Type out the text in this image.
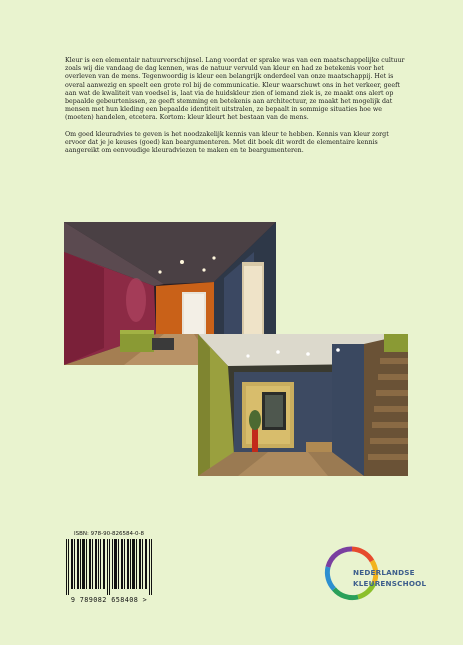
Kleur is een elementair natuurverschijnsel. Lang voordat er sprake was van een maatschappelijke cultuur zoals wij die vandaag de dag kennen, was de natuur vervuld van kleur en had ze betekenis voor het overleven van de mens. Tegenwoordig is kleur een belangrijk onderdeel van onze maatschappij. Het is overal aanwezig en speelt een grote rol bij de communicatie. Kleur waarschuwt ons in het verkeer, geeft aan wat de kwaliteit van voedsel is, laat via de huidskleur zien of iemand ziek is, ze maakt ons alert op bepaalde gebeurtenissen, ze geeft stemming en betekenis aan architectuur, ze maakt het mogelijk dat mensen met hun kleding een bepaalde identiteit uitstralen, ze bepaalt in sommige situaties hoe we (moeten) handelen, etcetera. Kortom: kleur kleurt het bestaan van de mens.

Om goed kleuradvies te geven is het noodzakelijk kennis van kleur te hebben. Kennis van kleur zorgt ervoor dat je je keuses (goed) kan beargumenteren. Met dit boek dit wordt de elementaire kennis aangereikt om eenvoudige kleuradviezen te maken en te beargumenteren.

ISBN: 978-90-826584-0-8
9 789082 658408 >
NEDERLANDSE
KLEURENSCHOOL
